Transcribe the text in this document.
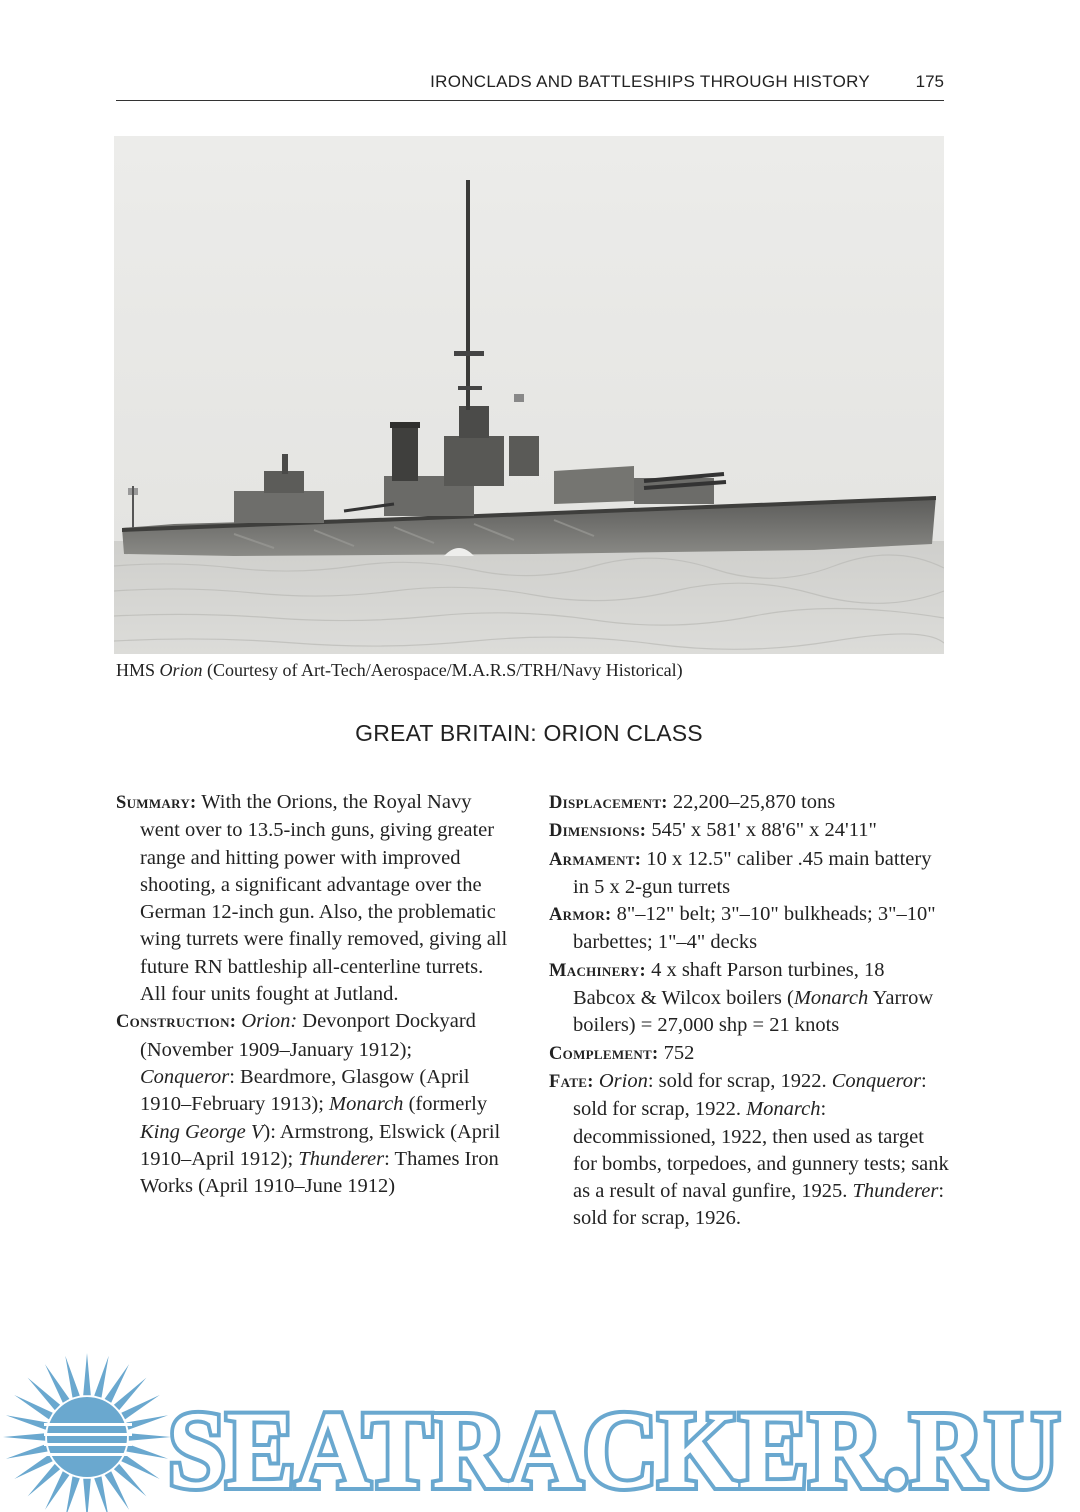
IRONCLADS AND BATTLESHIPS THROUGH HISTORY	175
HMS Orion (Courtesy of Art-Tech/Aerospace/M.A.R.S/TRH/Navy Historical)
GREAT BRITAIN: ORION CLASS

Summary: With the Orions, the Royal Navy went over to 13.5-inch guns, giving greater range and hitting power with improved shooting, a significant advantage over the German 12-inch gun. Also, the problematic wing turrets were finally removed, giving all future RN battleship all-centerline turrets. All four units fought at Jutland.

Construction: Orion: Devonport Dockyard (November 1909–January 1912); Conqueror: Beardmore, Glasgow (April 1910–February 1913); Monarch (formerly King George V): Armstrong, Elswick (April 1910–April 1912); Thunderer: Thames Iron Works (April 1910–June 1912)

Displacement: 22,200–25,870 tons

Dimensions: 545' x 581' x 88'6" x 24'11"

Armament: 10 x 12.5" caliber .45 main battery in 5 x 2-gun turrets

Armor: 8"–12" belt; 3"–10" bulkheads; 3"–10" barbettes; 1"–4" decks

Machinery: 4 x shaft Parson turbines, 18 Babcox & Wilcox boilers (Monarch Yarrow boilers) = 27,000 shp = 21 knots

Complement: 752

Fate: Orion: sold for scrap, 1922. Conqueror: sold for scrap, 1922. Monarch: decommissioned, 1922, then used as target for bombs, torpedoes, and gunnery tests; sank as a result of naval gunfire, 1925. Thunderer: sold for scrap, 1926.

SEATRACKER.RU
